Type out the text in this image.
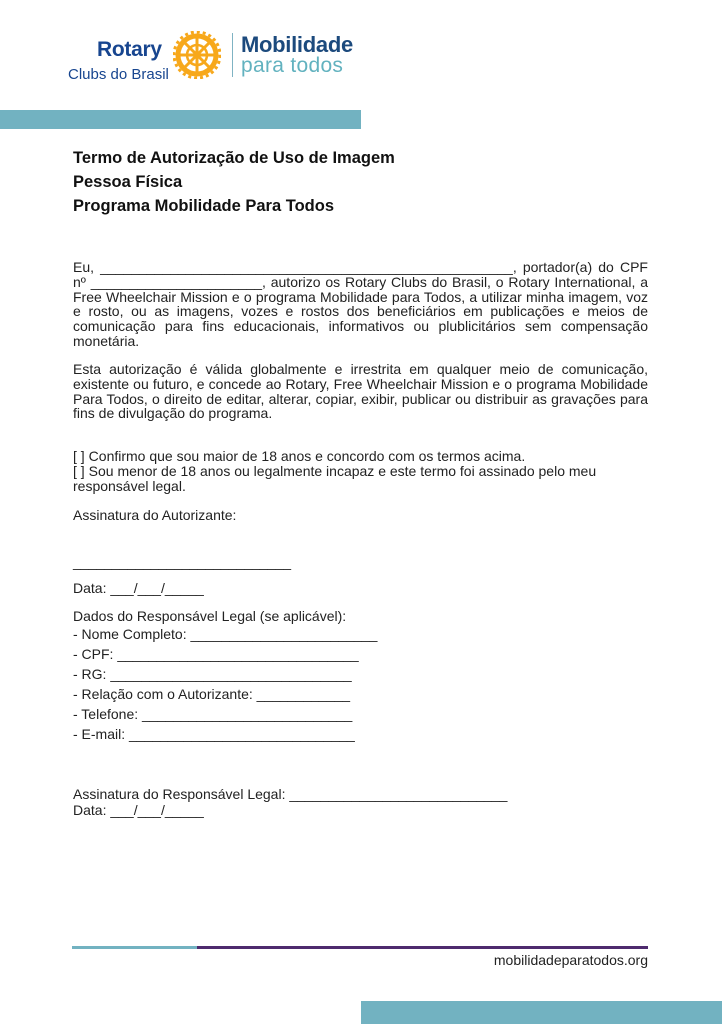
Rotary
Clubs do Brasil
Mobilidade
para todos
Termo de Autorização de Uso de Imagem
Pessoa Física
Programa Mobilidade Para Todos

Eu, _____________________________________________________, portador(a) do CPF nº ______________________, autorizo os Rotary Clubs do Brasil, o Rotary International, a Free Wheelchair Mission e o programa Mobilidade para Todos, a utilizar minha imagem, voz e rosto, ou as imagens, vozes e rostos dos beneficiários em publicações e meios de comunicação para fins educacionais, informativos ou plublicitários sem compensação monetária.

Esta autorização é válida globalmente e irrestrita em qualquer meio de comunicação, existente ou futuro, e concede ao Rotary, Free Wheelchair Mission e o programa Mobilidade Para Todos, o direito de editar, alterar, copiar, exibir, publicar ou distribuir as gravações para fins de divulgação do programa.

[ ] Confirmo que sou maior de 18 anos e concordo com os termos acima.
[ ] Sou menor de 18 anos ou legalmente incapaz e este termo foi assinado pelo meu
responsável legal.
Assinatura do Autorizante:
____________________________
Data: ___/___/_____
Dados do Responsável Legal (se aplicável):
- Nome Completo: ________________________
- CPF: _______________________________
- RG: _______________________________
- Relação com o Autorizante: ____________
- Telefone: ___________________________
- E-mail: _____________________________
Assinatura do Responsável Legal: ____________________________
Data: ___/___/_____
mobilidadeparatodos.org
